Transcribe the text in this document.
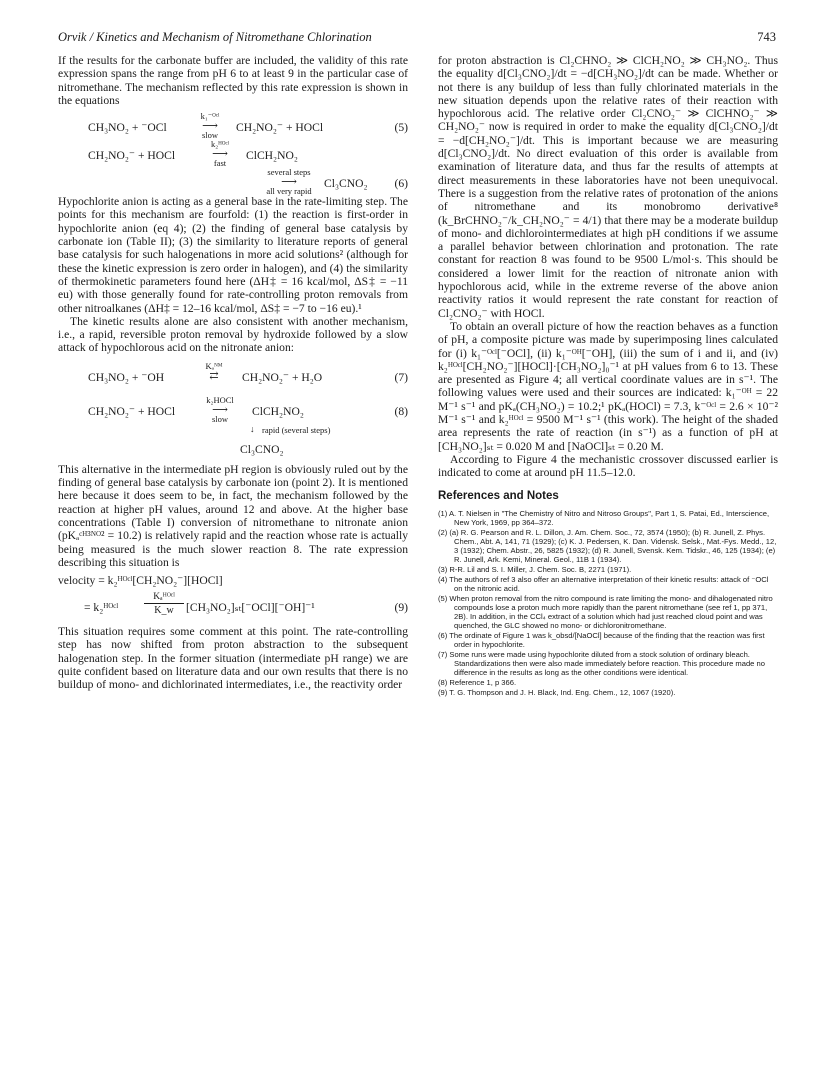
Orvik / Kinetics and Mechanism of Nitromethane Chlorination	743

If the results for the carbonate buffer are included, the validity of this rate expression spans the range from pH 6 to at least 9 in the particular case of nitromethane. The mechanism reflected by this rate expression is shown in the equations

CH₃NO₂ + ⁻OCl
k₁⁻ᴼᶜˡ
⟶
slow
CH₂NO₂⁻ + HOCl	(5)
CH₂NO₂⁻ + HOCl
k₂ᴴᴼᶜˡ
⟶
fast
ClCH₂NO₂
several steps
⟶
all very rapid
Cl₃CNO₂ (6)

Hypochlorite anion is acting as a general base in the rate-limiting step. The points for this mechanism are fourfold: (1) the reaction is first-order in hypochlorite anion (eq 4); (2) the finding of general base catalysis by carbonate ion (Table II); (3) the similarity to literature reports of general base catalysis for such halogenations in more acid solutions² (although for these the kinetic expression is zero order in halogen), and (4) the similarity of thermokinetic parameters found here (ΔH‡ = 16 kcal/mol, ΔS‡ = −11 eu) with those generally found for rate-controlling proton removals from other nitroalkanes (ΔH‡ = 12–16 kcal/mol, ΔS‡ = −7 to −16 eu).¹

The kinetic results alone are also consistent with another mechanism, i.e., a rapid, reversible proton removal by hydroxide followed by a slow attack of hypochlorous acid on the nitronate anion:

CH₃NO₂ + ⁻OH
Kₐᴺᴹ
⇄	CH₂NO₂⁻ + H₂O	(7)
CH₂NO₂⁻ + HOCl
k₂HOCl
⟶
slow
ClCH₂NO₂	(8)
↓ rapid (several steps)
Cl₃CNO₂

This alternative in the intermediate pH region is obviously ruled out by the finding of general base catalysis by carbonate ion (point 2). It is mentioned here because it does seem to be, in fact, the mechanism followed by the reaction at higher pH values, around 12 and above. At the higher base concentrations (Table I) conversion of nitromethane to nitronate anion (pKₐᶜᴴ³ᴺᴼ² = 10.2) is relatively rapid and the reaction whose rate is actually being measured is the much slower reaction 8. The rate expression describing this situation is

velocity = k₂ᴴᴼᶜˡ[CH₂NO₂⁻][HOCl]
= k₂ᴴᴼᶜˡ
Kₐᴴᴼᶜˡ
K_w	[CH₃NO₂]ₛₜ[⁻OCl][⁻OH]⁻¹	(9)

This situation requires some comment at this point. The rate-controlling step has now shifted from proton abstraction to the subsequent halogenation step. In the former situation (intermediate pH range) we are quite confident based on literature data and our own results that there is no buildup of mono- and dichlorinated intermediates, i.e., the reactivity order

for proton abstraction is Cl₂CHNO₂ ≫ ClCH₂NO₂ ≫ CH₃NO₂. Thus the equality d[Cl₃CNO₂]/dt = −d[CH₃NO₂]/dt can be made. Whether or not there is any buildup of less than fully chlorinated materials in the new situation depends upon the relative rates of their reaction with hypochlorous acid. The relative order Cl₂CNO₂⁻ ≫ ClCHNO₂⁻ ≫ CH₂NO₂⁻ now is required in order to make the equality d[Cl₃CNO₂]/dt = −d[CH₂NO₂⁻]/dt. This is important because we are measuring d[Cl₃CNO₂]/dt. No direct evaluation of this order is available from examination of literature data, and thus far the results of attempts at direct measurements in these laboratories have not been unequivocal. There is a suggestion from the relative rates of protonation of the anions of nitromethane and its monobromo derivative⁸ (k_BrCHNO₂⁻/k_CH₂NO₂⁻ = 4/1) that there may be a moderate buildup of mono- and dichlorointermediates at high pH conditions if we assume a parallel behavior between chlorination and protonation. The rate constant for reaction 8 was found to be 9500 L/mol·s. This should be considered a lower limit for the reaction of nitronate anion with hypochlorous acid, while in the extreme reverse of the above anion reactivity ratios it would represent the rate constant for reaction of Cl₂CNO₂⁻ with HOCl.

To obtain an overall picture of how the reaction behaves as a function of pH, a composite picture was made by superimposing lines calculated for (i) k₁⁻ᴼᶜˡ[⁻OCl], (ii) k₁⁻ᴼᴴ[⁻OH], (iii) the sum of i and ii, and (iv) k₂ᴴᴼᶜˡ[CH₂NO₂⁻][HOCl]·[CH₃NO₂]₀⁻¹ at pH values from 6 to 13. These are presented as Figure 4; all vertical coordinate values are in s⁻¹. The following values were used and their sources are indicated: k₁⁻ᴼᴴ = 22 M⁻¹ s⁻¹ and pKₐ(CH₃NO₂) = 10.2;¹ pKₐ(HOCl) = 7.3, k⁻ᴼᶜˡ = 2.6 × 10⁻² M⁻¹ s⁻¹ and k₂ᴴᴼᶜˡ = 9500 M⁻¹ s⁻¹ (this work). The height of the shaded area represents the rate of reaction (in s⁻¹) as a function of pH at [CH₃NO₂]ₛₜ = 0.020 M and [NaOCl]ₛₜ = 0.20 M.

According to Figure 4 the mechanistic crossover discussed earlier is indicated to come at around pH 11.5–12.0.

References and Notes
(1) A. T. Nielsen in "The Chemistry of Nitro and Nitroso Groups", Part 1, S. Patai, Ed., Interscience, New York, 1969, pp 364–372.
(2) (a) R. G. Pearson and R. L. Dillon, J. Am. Chem. Soc., 72, 3574 (1950); (b) R. Junell, Z. Phys. Chem., Abt. A, 141, 71 (1929); (c) K. J. Pedersen, K. Dan. Vidensk. Selsk., Mat.-Fys. Medd., 12, 3 (1932); Chem. Abstr., 26, 5825 (1932); (d) R. Junell, Svensk. Kem. Tidskr., 46, 125 (1934); (e) R. Junell, Ark. Kemi, Mineral. Geol., 11B 1 (1934).
(3) R-R. Lil and S. I. Miller, J. Chem. Soc. B, 2271 (1971).
(4) The authors of ref 3 also offer an alternative interpretation of their kinetic results: attack of ⁻OCl on the nitronic acid.
(5) When proton removal from the nitro compound is rate limiting the mono- and dihalogenated nitro compounds lose a proton much more rapidly than the parent nitromethane (see ref 1, pp 371, 2B). In addition, in the CCl₄ extract of a solution which had just reached cloud point and was quenched, the GLC showed no mono- or dichloronitromethane.
(6) The ordinate of Figure 1 was k_obsd/[NaOCl] because of the finding that the reaction was first order in hypochlorite.
(7) Some runs were made using hypochlorite diluted from a stock solution of ordinary bleach. Standardizations then were also made immediately before reaction. This procedure made no difference in the results as long as the other conditions were identical.
(8) Reference 1, p 366.
(9) T. G. Thompson and J. H. Black, Ind. Eng. Chem., 12, 1067 (1920).
